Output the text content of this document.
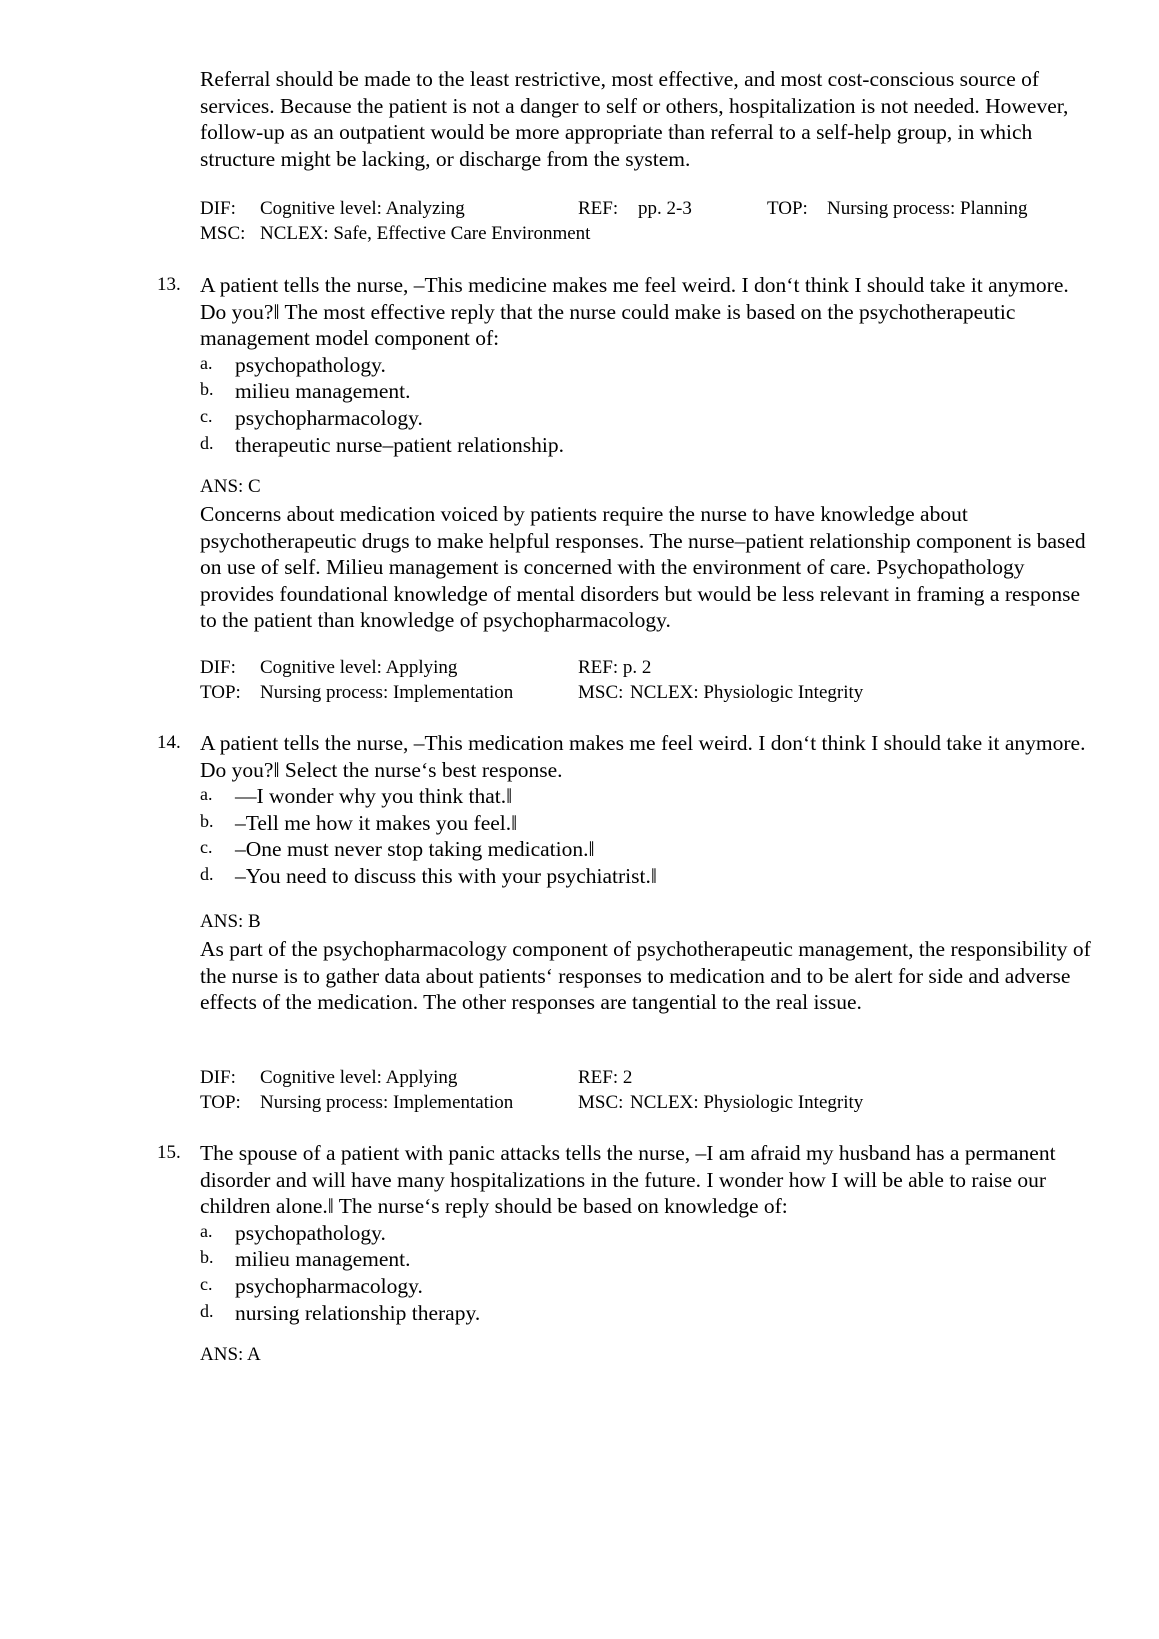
Referral should be made to the least restrictive, most effective, and most cost-conscious source of services. Because the patient is not a danger to self or others, hospitalization is not needed. However, follow-up as an outpatient would be more appropriate than referral to a self-help group, in which structure might be lacking, or discharge from the system.

DIF: Cognitive level: Analyzing	REF: pp. 2-3	TOP: Nursing process: Planning
MSC: NCLEX: Safe, Effective Care Environment
13. A patient tells the nurse, ‒This medicine makes me feel weird. I don‘t think I should take it anymore. Do you?‖ The most effective reply that the nurse could make is based on the psychotherapeutic management model component of:

a. psychopathology.
b. milieu management.
c. psychopharmacology.
d. therapeutic nurse–patient relationship.
ANS: C

Concerns about medication voiced by patients require the nurse to have knowledge about psychotherapeutic drugs to make helpful responses. The nurse–patient relationship component is based on use of self. Milieu management is concerned with the environment of care. Psychopathology provides foundational knowledge of mental disorders but would be less relevant in framing a response to the patient than knowledge of psychopharmacology.

DIF: Cognitive level: Applying	REF: p. 2
TOP: Nursing process: Implementation	MSC: NCLEX: Physiologic Integrity
14. A patient tells the nurse, ‒This medication makes me feel weird. I don‘t think I should take it anymore. Do you?‖ Select the nurse‘s best response.

a. ―I wonder why you think that.‖
b. ‒Tell me how it makes you feel.‖
c. ‒One must never stop taking medication.‖
d. ‒You need to discuss this with your psychiatrist.‖
ANS: B

As part of the psychopharmacology component of psychotherapeutic management, the responsibility of the nurse is to gather data about patients‘ responses to medication and to be alert for side and adverse effects of the medication. The other responses are tangential to the real issue.

DIF: Cognitive level: Applying	REF: 2
TOP: Nursing process: Implementation	MSC: NCLEX: Physiologic Integrity
15. The spouse of a patient with panic attacks tells the nurse, ‒I am afraid my husband has a permanent disorder and will have many hospitalizations in the future. I wonder how I will be able to raise our children alone.‖ The nurse‘s reply should be based on knowledge of:

a. psychopathology.
b. milieu management.
c. psychopharmacology.
d. nursing relationship therapy.
ANS: A
